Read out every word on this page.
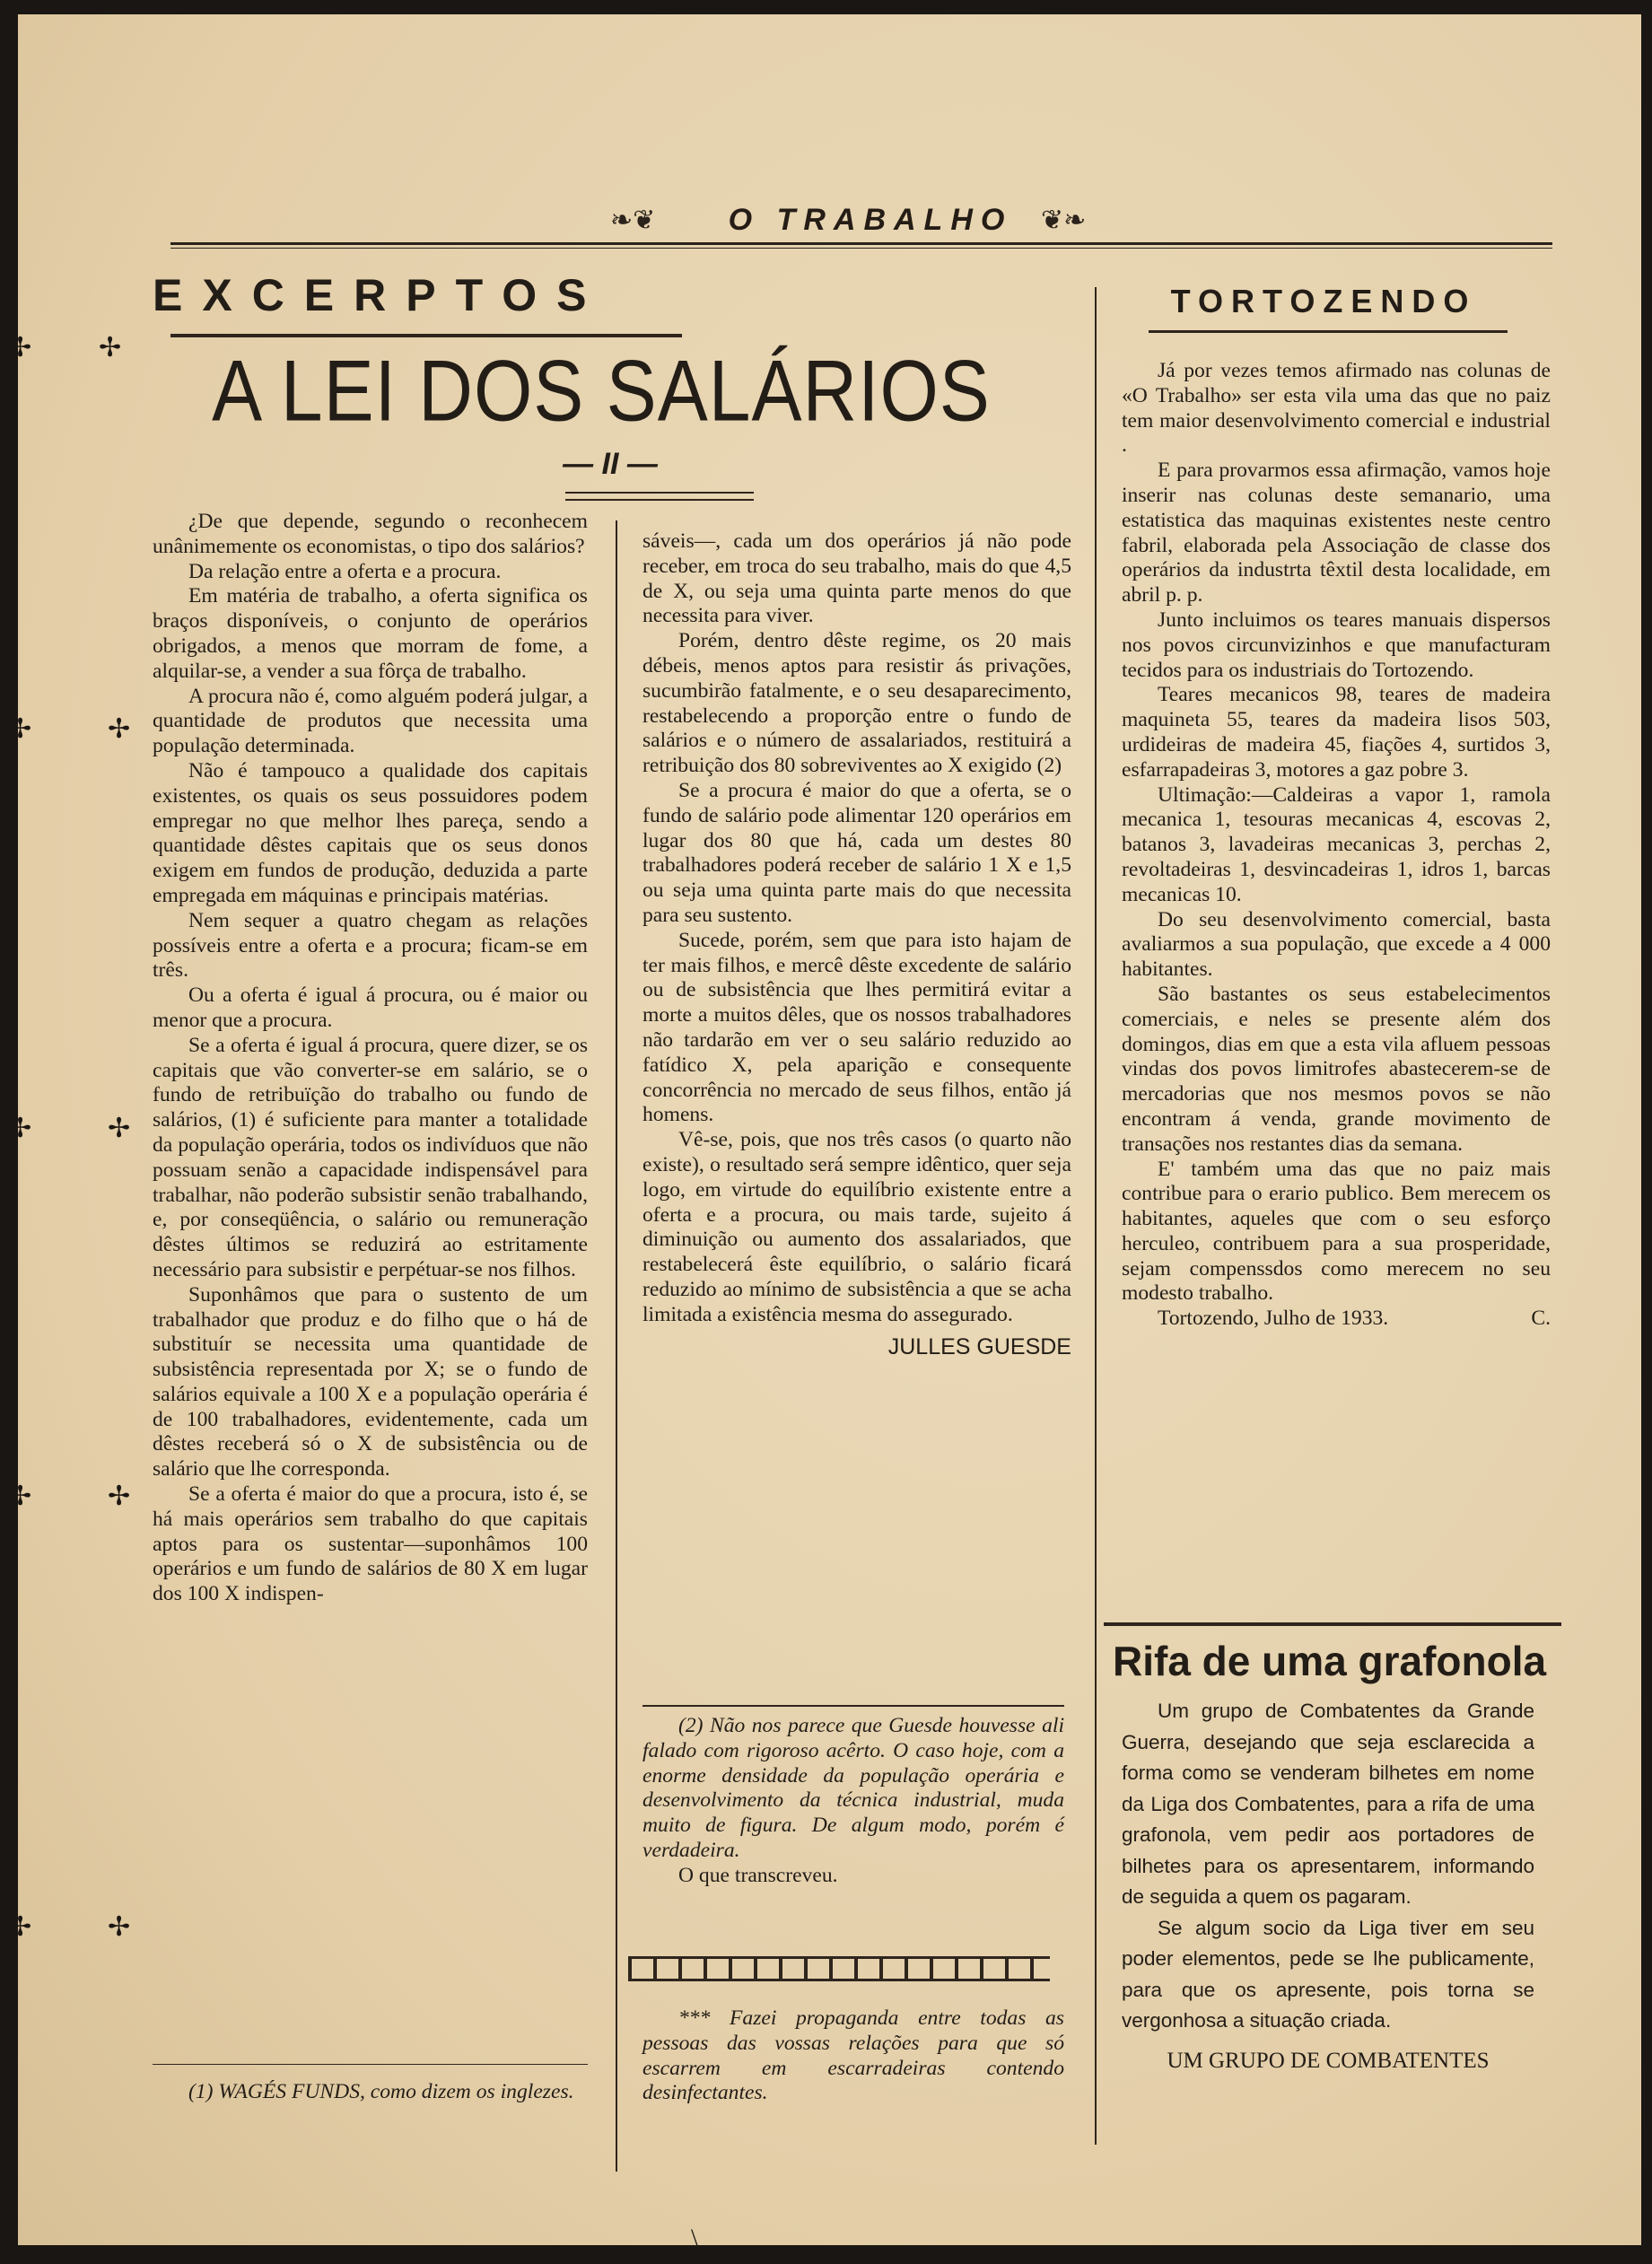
❧❦	O TRABALHO	❦❧
EXCERPTOS
A LEI DOS SALÁRIOS
— II —

¿De que depende, segundo o reconhecem unânimemente os economistas, o tipo dos salários?

Da relação entre a oferta e a procura.

Em matéria de trabalho, a oferta significa os braços disponíveis, o conjunto de operários obrigados, a menos que morram de fome, a alquilar-se, a vender a sua fôrça de trabalho.

A procura não é, como alguém poderá julgar, a quantidade de produtos que necessita uma população determinada.

Não é tampouco a qualidade dos capitais existentes, os quais os seus possuidores podem empregar no que melhor lhes pareça, sendo a quantidade dêstes capitais que os seus donos exigem em fundos de produção, deduzida a parte empregada em máquinas e principais matérias.

Nem sequer a quatro chegam as relações possíveis entre a oferta e a procura; ficam-se em três.

Ou a oferta é igual á procura, ou é maior ou menor que a procura.

Se a oferta é igual á procura, quere dizer, se os capitais que vão converter-se em salário, se o fundo de retribuïção do trabalho ou fundo de salários, (1) é suficiente para manter a totalidade da população operária, todos os indivíduos que não possuam senão a capacidade indispensável para trabalhar, não poderão subsistir senão trabalhando, e, por conseqüência, o salário ou remuneração dêstes últimos se reduzirá ao estritamente necessário para subsistir e perpétuar-se nos filhos.

Suponhâmos que para o sustento de um trabalhador que produz e do filho que o há de substituír se necessita uma quantidade de subsistência representada por X; se o fundo de salários equivale a 100 X e a população operária é de 100 trabalhadores, evidentemente, cada um dêstes receberá só o X de subsistência ou de salário que lhe corresponda.

Se a oferta é maior do que a procura, isto é, se há mais operários sem trabalho do que capitais aptos para os sustentar—suponhâmos 100 operários e um fundo de salários de 80 X em lugar dos 100 X indispen-

(1) WAGÉS FUNDS, como dizem os inglezes.

sáveis—, cada um dos operários já não pode receber, em troca do seu trabalho, mais do que 4,5 de X, ou seja uma quinta parte menos do que necessita para viver.

Porém, dentro dêste regime, os 20 mais débeis, menos aptos para resistir ás privações, sucumbirão fatalmente, e o seu desaparecimento, restabelecendo a proporção entre o fundo de salários e o número de assalariados, restituirá a retribuição dos 80 sobreviventes ao X exigido (2)

Se a procura é maior do que a oferta, se o fundo de salário pode alimentar 120 operários em lugar dos 80 que há, cada um destes 80 trabalhadores poderá receber de salário 1 X e 1,5 ou seja uma quinta parte mais do que necessita para seu sustento.

Sucede, porém, sem que para isto hajam de ter mais filhos, e mercê dêste excedente de salário ou de subsistência que lhes permitirá evitar a morte a muitos dêles, que os nossos trabalhadores não tardarão em ver o seu salário reduzido ao fatídico X, pela aparição e consequente concorrência no mercado de seus filhos, então já homens.

Vê-se, pois, que nos três casos (o quarto não existe), o resultado será sempre idêntico, quer seja logo, em virtude do equilíbrio existente entre a oferta e a procura, ou mais tarde, sujeito á diminuição ou aumento dos assalariados, que restabelecerá êste equilíbrio, o salário ficará reduzido ao mínimo de subsistência a que se acha limitada a existência mesma do assegurado.

JULLES GUESDE

(2) Não nos parece que Guesde houvesse ali falado com rigoroso acêrto. O caso hoje, com a enorme densidade da população operária e desenvolvimento da técnica industrial, muda muito de figura. De algum modo, porém é verdadeira.

O que transcreveu.

*** Fazei propaganda entre todas as pessoas das vossas relações para que só escarrem em escarradeiras contendo desinfectantes.

TORTOZENDO

Já por vezes temos afirmado nas colunas de «O Trabalho» ser esta vila uma das que no paiz tem maior desenvolvimento comercial e industrial .

E para provarmos essa afirmação, vamos hoje inserir nas colunas deste semanario, uma estatistica das maquinas existentes neste centro fabril, elaborada pela Associação de classe dos operários da industrta têxtil desta localidade, em abril p. p.

Junto incluimos os teares manuais dispersos nos povos circunvizinhos e que manufacturam tecidos para os industriais do Tortozendo.

Teares mecanicos 98, teares de madeira maquineta 55, teares da madeira lisos 503, urdideiras de madeira 45, fiações 4, surtidos 3, esfarrapadeiras 3, motores a gaz pobre 3.

Ultimação:—Caldeiras a vapor 1, ramola mecanica 1, tesouras mecanicas 4, escovas 2, batanos 3, lavadeiras mecanicas 3, perchas 2, revoltadeiras 1, desvincadeiras 1, idros 1, barcas mecanicas 10.

Do seu desenvolvimento comercial, basta avaliarmos a sua população, que excede a 4 000 habitantes.

São bastantes os seus estabelecimentos comerciais, e neles se presente além dos domingos, dias em que a esta vila afluem pessoas vindas dos povos limitrofes abastecerem-se de mercadorias que nos mesmos povos se não encontram á venda, grande movimento de transações nos restantes dias da semana.

E' também uma das que no paiz mais contribue para o erario publico. Bem merecem os habitantes, aqueles que com o seu esforço herculeo, contribuem para a sua prosperidade, sejam compenssdos como merecem no seu modesto trabalho.

Tortozendo, Julho de 1933.	C.

Rifa de uma grafonola

Um grupo de Combatentes da Grande Guerra, desejando que seja esclarecida a forma como se venderam bilhetes em nome da Liga dos Combatentes, para a rifa de uma grafonola, vem pedir aos portadores de bilhetes para os apresentarem, informando de seguida a quem os pagaram.

Se algum socio da Liga tiver em seu poder elementos, pede se lhe publicamente, para que os apresente, pois torna se vergonhosa a situação criada.

UM GRUPO DE COMBATENTES

✢
✢
✢
✢
✢
✢
✢
✢
✢
✢
\
